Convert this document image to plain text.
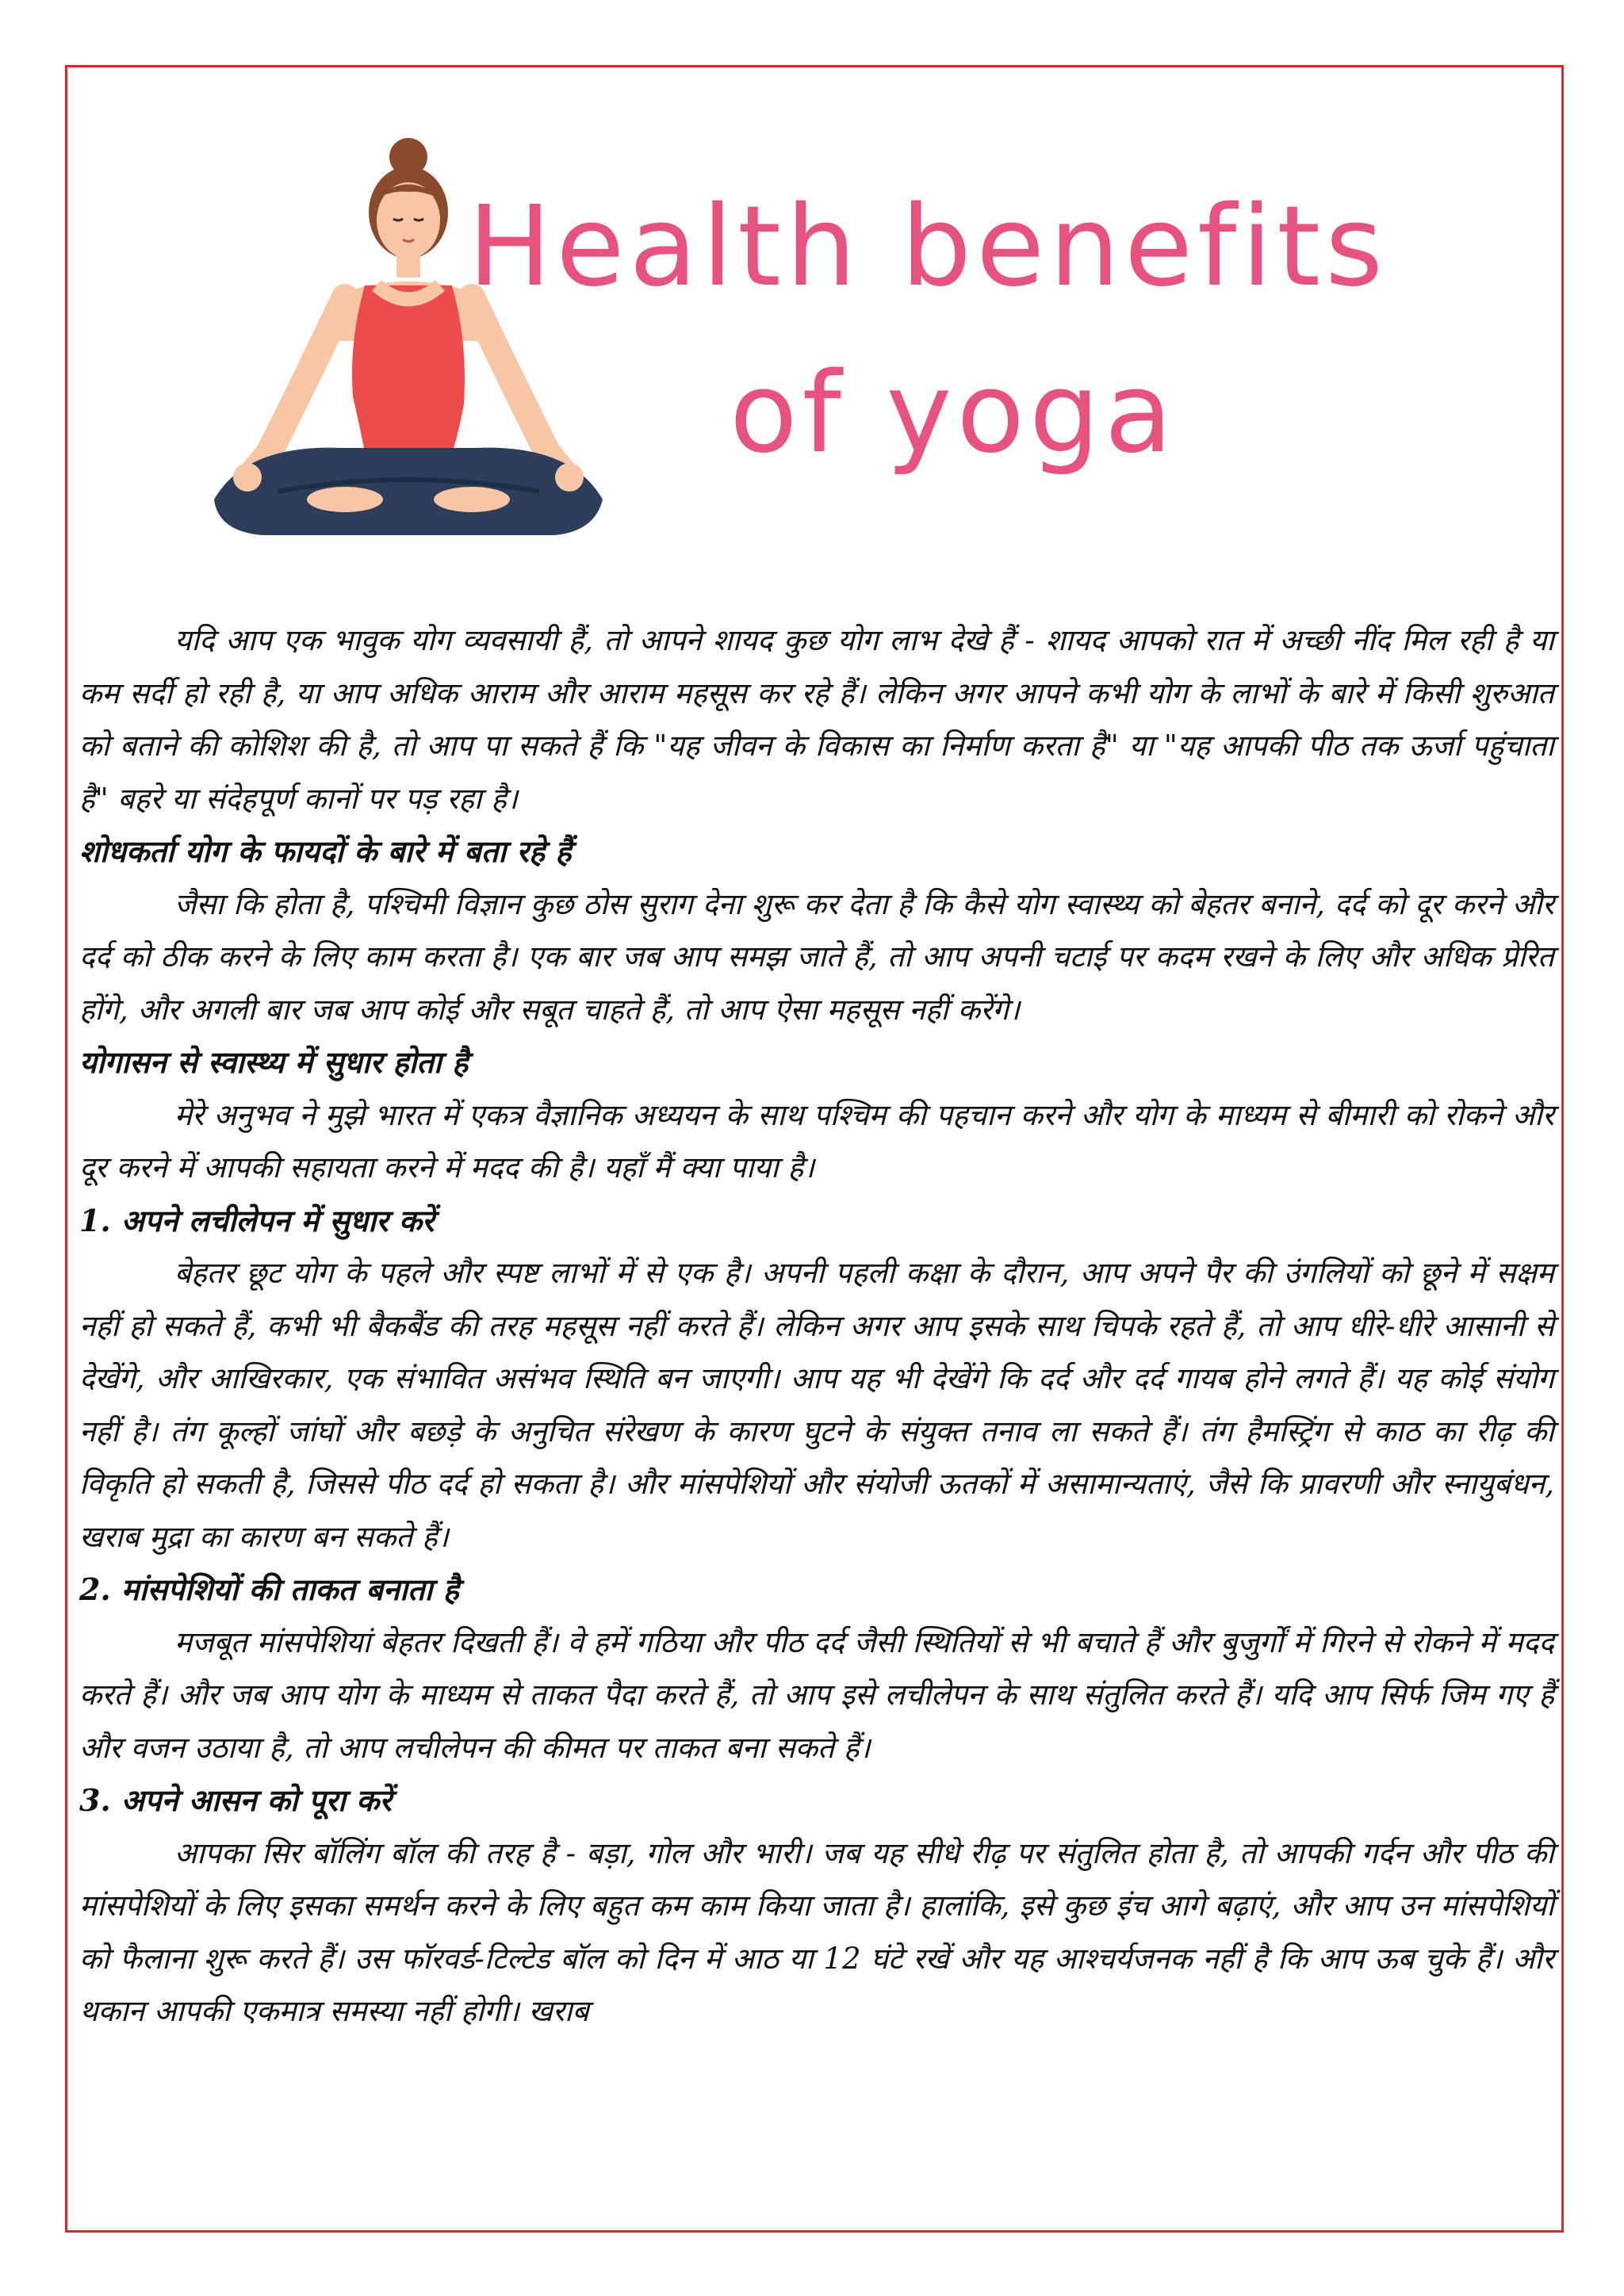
Health benefits
of yoga

यदि आप एक भावुक योग व्यवसायी हैं, तो आपने शायद कुछ योग लाभ देखे हैं - शायद आपको रात में अच्छी नींद मिल रही है या कम सर्दी हो रही है, या आप अधिक आराम और आराम महसूस कर रहे हैं। लेकिन अगर आपने कभी योग के लाभों के बारे में किसी शुरुआत को बताने की कोशिश की है, तो आप पा सकते हैं कि "यह जीवन के विकास का निर्माण करता है" या "यह आपकी पीठ तक ऊर्जा पहुंचाता है" बहरे या संदेहपूर्ण कानों पर पड़ रहा है।

शोधकर्ता योग के फायदों के बारे में बता रहे हैं

जैसा कि होता है, पश्चिमी विज्ञान कुछ ठोस सुराग देना शुरू कर देता है कि कैसे योग स्वास्थ्य को बेहतर बनाने, दर्द को दूर करने और दर्द को ठीक करने के लिए काम करता है। एक बार जब आप समझ जाते हैं, तो आप अपनी चटाई पर कदम रखने के लिए और अधिक प्रेरित होंगे, और अगली बार जब आप कोई और सबूत चाहते हैं, तो आप ऐसा महसूस नहीं करेंगे।

योगासन से स्वास्थ्य में सुधार होता है

मेरे अनुभव ने मुझे भारत में एकत्र वैज्ञानिक अध्ययन के साथ पश्चिम की पहचान करने और योग के माध्यम से बीमारी को रोकने और दूर करने में आपकी सहायता करने में मदद की है। यहाँ मैं क्या पाया है।

1. अपने लचीलेपन में सुधार करें

बेहतर छूट योग के पहले और स्पष्ट लाभों में से एक है। अपनी पहली कक्षा के दौरान, आप अपने पैर की उंगलियों को छूने में सक्षम नहीं हो सकते हैं, कभी भी बैकबैंड की तरह महसूस नहीं करते हैं। लेकिन अगर आप इसके साथ चिपके रहते हैं, तो आप धीरे-धीरे आसानी से देखेंगे, और आखिरकार, एक संभावित असंभव स्थिति बन जाएगी। आप यह भी देखेंगे कि दर्द और दर्द गायब होने लगते हैं। यह कोई संयोग नहीं है। तंग कूल्हों जांघों और बछड़े के अनुचित संरेखण के कारण घुटने के संयुक्त तनाव ला सकते हैं। तंग हैमस्ट्रिंग से काठ का रीढ़ की विकृति हो सकती है, जिससे पीठ दर्द हो सकता है। और मांसपेशियों और संयोजी ऊतकों में असामान्यताएं, जैसे कि प्रावरणी और स्नायुबंधन, खराब मुद्रा का कारण बन सकते हैं।

2. मांसपेशियों की ताकत बनाता है

मजबूत मांसपेशियां बेहतर दिखती हैं। वे हमें गठिया और पीठ दर्द जैसी स्थितियों से भी बचाते हैं और बुजुर्गों में गिरने से रोकने में मदद करते हैं। और जब आप योग के माध्यम से ताकत पैदा करते हैं, तो आप इसे लचीलेपन के साथ संतुलित करते हैं। यदि आप सिर्फ जिम गए हैं और वजन उठाया है, तो आप लचीलेपन की कीमत पर ताकत बना सकते हैं।

3. अपने आसन को पूरा करें

आपका सिर बॉलिंग बॉल की तरह है - बड़ा, गोल और भारी। जब यह सीधे रीढ़ पर संतुलित होता है, तो आपकी गर्दन और पीठ की मांसपेशियों के लिए इसका समर्थन करने के लिए बहुत कम काम किया जाता है। हालांकि, इसे कुछ इंच आगे बढ़ाएं, और आप उन मांसपेशियों को फैलाना शुरू करते हैं। उस फॉरवर्ड-टिल्टेड बॉल को दिन में आठ या 12 घंटे रखें और यह आश्चर्यजनक नहीं है कि आप ऊब चुके हैं। और थकान आपकी एकमात्र समस्या नहीं होगी। खराब
